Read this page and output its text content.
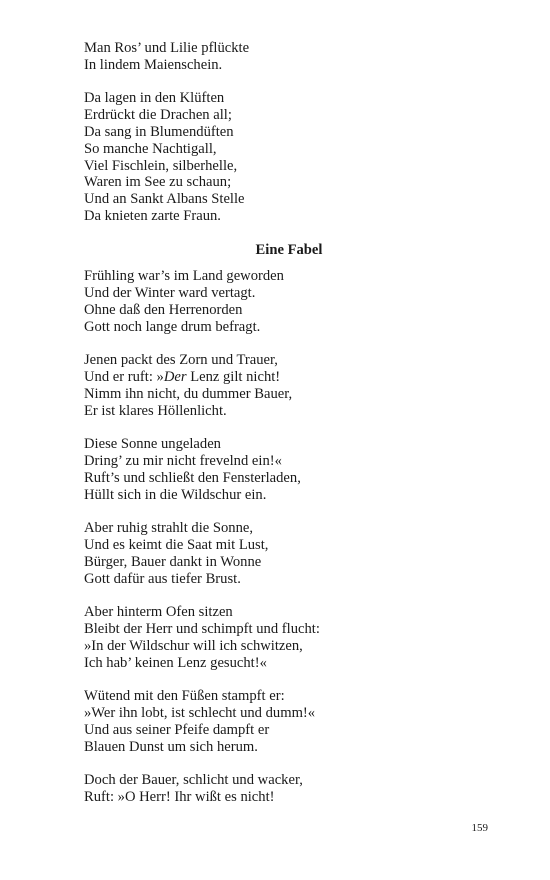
Man Ros’ und Lilie pflückte
In lindem Maienschein.
Da lagen in den Klüften
Erdrückt die Drachen all;
Da sang in Blumendüften
So manche Nachtigall,
Viel Fischlein, silberhelle,
Waren im See zu schaun;
Und an Sankt Albans Stelle
Da knieten zarte Fraun.
Eine Fabel
Frühling war’s im Land geworden
Und der Winter ward vertagt.
Ohne daß den Herrenorden
Gott noch lange drum befragt.
Jenen packt des Zorn und Trauer,
Und er ruft: »Der Lenz gilt nicht!
Nimm ihn nicht, du dummer Bauer,
Er ist klares Höllenlicht.
Diese Sonne ungeladen
Dring’ zu mir nicht frevelnd ein!«
Ruft’s und schließt den Fensterladen,
Hüllt sich in die Wildschur ein.
Aber ruhig strahlt die Sonne,
Und es keimt die Saat mit Lust,
Bürger, Bauer dankt in Wonne
Gott dafür aus tiefer Brust.
Aber hinterm Ofen sitzen
Bleibt der Herr und schimpft und flucht:
»In der Wildschur will ich schwitzen,
Ich hab’ keinen Lenz gesucht!«
Wütend mit den Füßen stampft er:
»Wer ihn lobt, ist schlecht und dumm!«
Und aus seiner Pfeife dampft er
Blauen Dunst um sich herum.
Doch der Bauer, schlicht und wacker,
Ruft: »O Herr! Ihr wißt es nicht!
159
